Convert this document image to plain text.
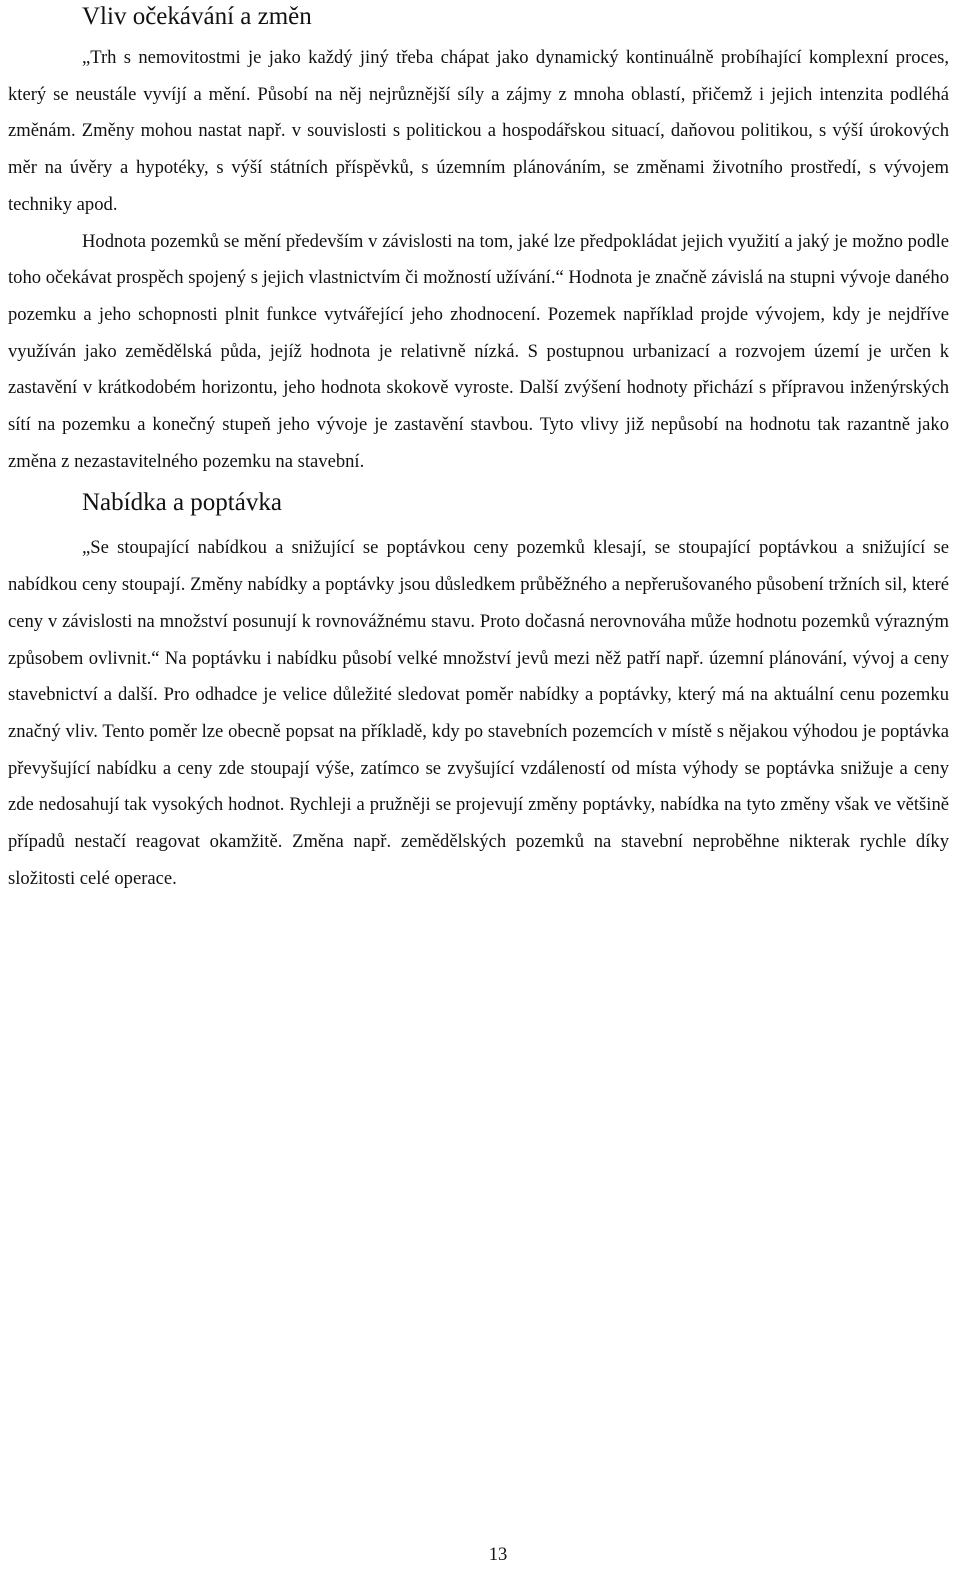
Vliv očekávání a změn

„Trh s nemovitostmi je jako každý jiný třeba chápat jako dynamický kontinuálně probíhající komplexní proces, který se neustále vyvíjí a mění. Působí na něj nejrůznější síly a zájmy z mnoha oblastí, přičemž i jejich intenzita podléhá změnám. Změny mohou nastat např. v souvislosti s politickou a hospodářskou situací, daňovou politikou, s výší úrokových měr na úvěry a hypotéky, s výší státních příspěvků, s územním plánováním, se změnami životního prostředí, s vývojem techniky apod.

Hodnota pozemků se mění především v závislosti na tom, jaké lze předpokládat jejich využití a jaký je možno podle toho očekávat prospěch spojený s jejich vlastnictvím či možností užívání.“ Hodnota je značně závislá na stupni vývoje daného pozemku a jeho schopnosti plnit funkce vytvářející jeho zhodnocení. Pozemek například projde vývojem, kdy je nejdříve využíván jako zemědělská půda, jejíž hodnota je relativně nízká. S postupnou urbanizací a rozvojem území je určen k zastavění v krátkodobém horizontu, jeho hodnota skokově vyroste. Další zvýšení hodnoty přichází s přípravou inženýrských sítí na pozemku a konečný stupeň jeho vývoje je zastavění stavbou. Tyto vlivy již nepůsobí na hodnotu tak razantně jako změna z nezastavitelného pozemku na stavební.

Nabídka a poptávka

„Se stoupající nabídkou a snižující se poptávkou ceny pozemků klesají, se stoupající poptávkou a snižující se nabídkou ceny stoupají. Změny nabídky a poptávky jsou důsledkem průběžného a nepřerušovaného působení tržních sil, které ceny v závislosti na množství posunují k rovnovážnému stavu. Proto dočasná nerovnováha může hodnotu pozemků výrazným způsobem ovlivnit.“ Na poptávku i nabídku působí velké množství jevů mezi něž patří např. územní plánování, vývoj a ceny stavebnictví a další. Pro odhadce je velice důležité sledovat poměr nabídky a poptávky, který má na aktuální cenu pozemku značný vliv. Tento poměr lze obecně popsat na příkladě, kdy po stavebních pozemcích v místě s nějakou výhodou je poptávka převyšující nabídku a ceny zde stoupají výše, zatímco se zvyšující vzdáleností od místa výhody se poptávka snižuje a ceny zde nedosahují tak vysokých hodnot. Rychleji a pružněji se projevují změny poptávky, nabídka na tyto změny však ve většině případů nestačí reagovat okamžitě. Změna např. zemědělských pozemků na stavební neproběhne nikterak rychle díky složitosti celé operace.

13
